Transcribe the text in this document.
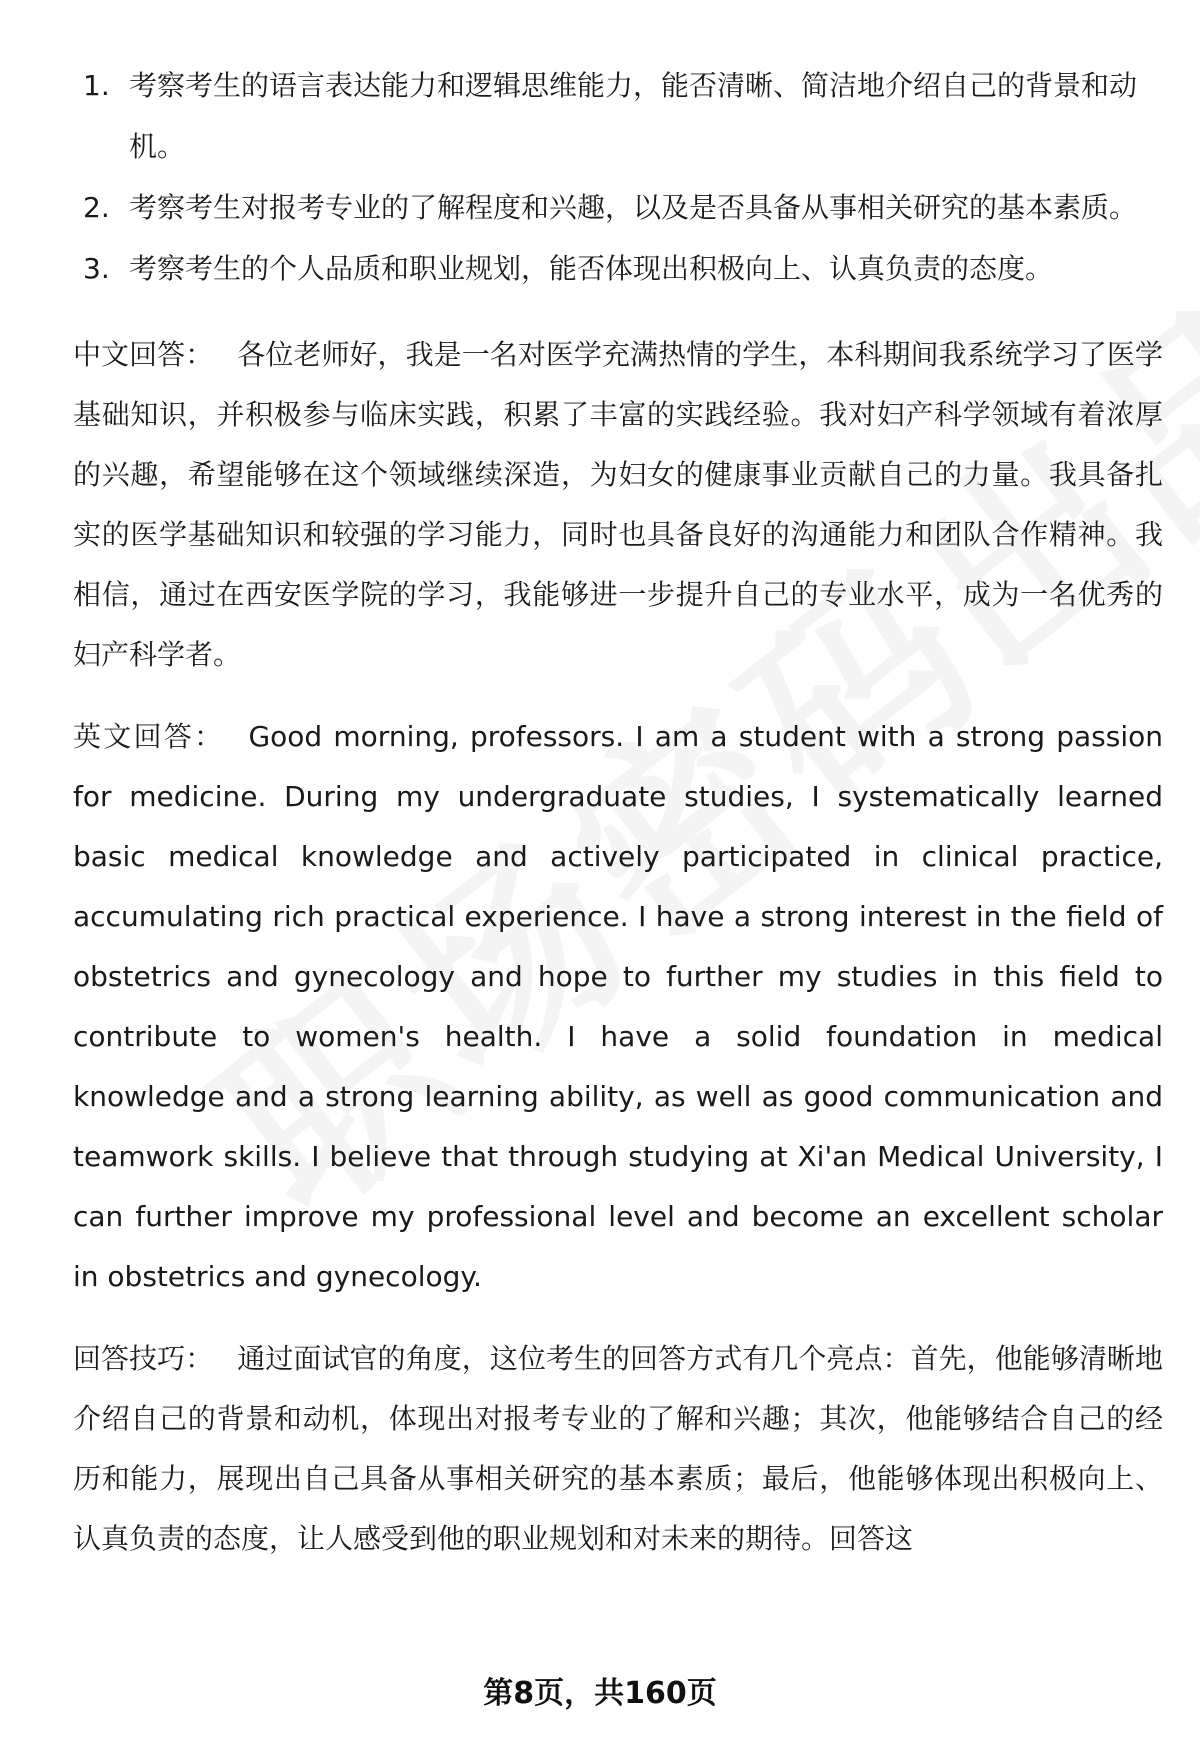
1. 考察考生的语言表达能力和逻辑思维能力，能否清晰、简洁地介绍自己的背景和动机。
2. 考察考生对报考专业的了解程度和兴趣，以及是否具备从事相关研究的基本素质。
3. 考察考生的个人品质和职业规划，能否体现出积极向上、认真负责的态度。

中文回答： 各位老师好，我是一名对医学充满热情的学生，本科期间我系统学习了医学基础知识，并积极参与临床实践，积累了丰富的实践经验。我对妇产科学领域有着浓厚的兴趣，希望能够在这个领域继续深造，为妇女的健康事业贡献自己的力量。我具备扎实的医学基础知识和较强的学习能力，同时也具备良好的沟通能力和团队合作精神。我相信，通过在西安医学院的学习，我能够进一步提升自己的专业水平，成为一名优秀的妇产科学者。

英文回答： Good morning, professors. I am a student with a strong passion for medicine. During my undergraduate studies, I systematically learned basic medical knowledge and actively participated in clinical practice, accumulating rich practical experience. I have a strong interest in the field of obstetrics and gynecology and hope to further my studies in this field to contribute to women's health. I have a solid foundation in medical knowledge and a strong learning ability, as well as good communication and teamwork skills. I believe that through studying at Xi'an Medical University, I can further improve my professional level and become an excellent scholar in obstetrics and gynecology.

回答技巧： 通过面试官的角度，这位考生的回答方式有几个亮点：首先，他能够清晰地介绍自己的背景和动机，体现出对报考专业的了解和兴趣；其次，他能够结合自己的经历和能力，展现出自己具备从事相关研究的基本素质；最后，他能够体现出积极向上、认真负责的态度，让人感受到他的职业规划和对未来的期待。回答这

第8页，共160页
